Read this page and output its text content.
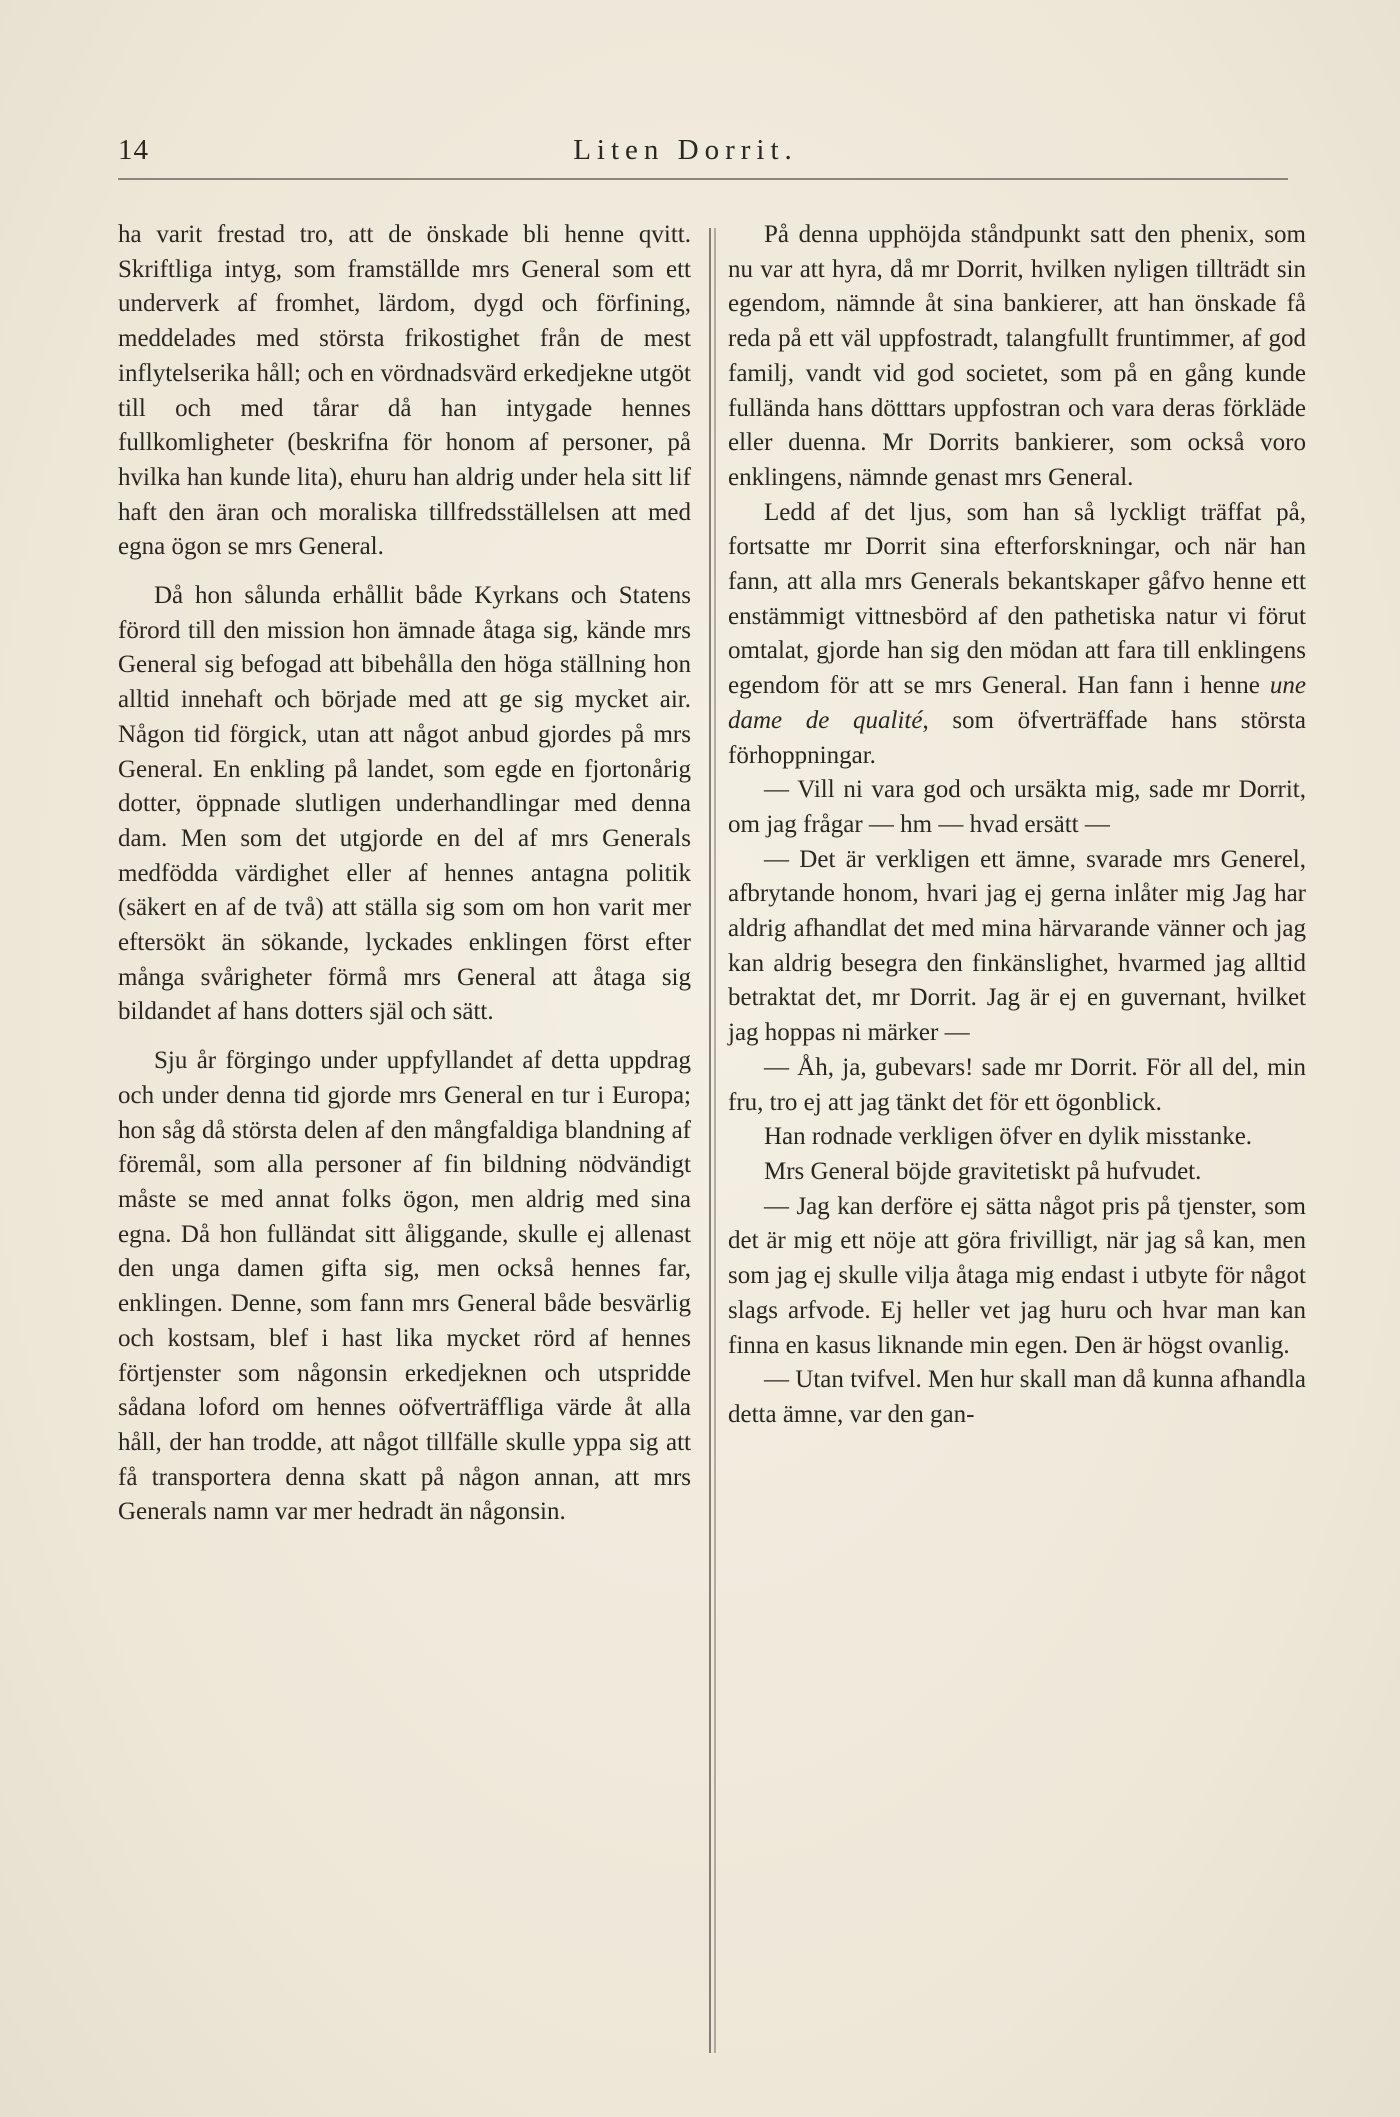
14	Liten Dorrit.

ha varit frestad tro, att de önskade bli henne qvitt. Skriftliga intyg, som framställde mrs General som ett underverk af fromhet, lärdom, dygd och förfining, meddelades med största frikostighet från de mest inflytelserika håll; och en vördnadsvärd erkedjekne utgöt till och med tårar då han intygade hennes fullkomligheter (beskrifna för honom af personer, på hvilka han kunde lita), ehuru han aldrig under hela sitt lif haft den äran och moraliska tillfredsställelsen att med egna ögon se mrs General.

Då hon sålunda erhållit både Kyrkans och Statens förord till den mission hon ämnade åtaga sig, kände mrs General sig befogad att bibehålla den höga ställning hon alltid innehaft och började med att ge sig mycket air. Någon tid förgick, utan att något anbud gjordes på mrs General. En enkling på landet, som egde en fjortonårig dotter, öppnade slutligen underhandlingar med denna dam. Men som det utgjorde en del af mrs Generals medfödda värdighet eller af hennes antagna politik (säkert en af de två) att ställa sig som om hon varit mer eftersökt än sökande, lyckades enklingen först efter många svårigheter förmå mrs General att åtaga sig bildandet af hans dotters själ och sätt.

Sju år förgingo under uppfyllandet af detta uppdrag och under denna tid gjorde mrs General en tur i Europa; hon såg då största delen af den mångfaldiga blandning af föremål, som alla personer af fin bildning nödvändigt måste se med annat folks ögon, men aldrig med sina egna. Då hon fulländat sitt åliggande, skulle ej allenast den unga damen gifta sig, men också hennes far, enklingen. Denne, som fann mrs General både besvärlig och kostsam, blef i hast lika mycket rörd af hennes förtjenster som någonsin erkedjeknen och utspridde sådana loford om hennes oöfverträffliga värde åt alla håll, der han trodde, att något tillfälle skulle yppa sig att få transportera denna skatt på någon annan, att mrs Generals namn var mer hedradt än någonsin.

På denna upphöjda ståndpunkt satt den phenix, som nu var att hyra, då mr Dorrit, hvilken nyligen tillträdt sin egendom, nämnde åt sina bankierer, att han önskade få reda på ett väl uppfostradt, talangfullt fruntimmer, af god familj, vandt vid god societet, som på en gång kunde fulländа hans dötttars uppfostran och vara deras förkläde eller duenna. Mr Dorrits bankierer, som också voro enklingens, nämnde genast mrs General.

Ledd af det ljus, som han så lyckligt träffat på, fortsatte mr Dorrit sina efterforskningar, och när han fann, att alla mrs Generals bekantskaper gåfvo henne ett enstämmigt vittnesbörd af den pathetiska natur vi förut omtalat, gjorde han sig den mödan att fara till enklingens egendom för att se mrs General. Han fann i henne une dame de qualité, som öfverträffade hans största förhoppningar.

— Vill ni vara god och ursäkta mig, sade mr Dorrit, om jag frågar — hm — hvad ersätt —

— Det är verkligen ett ämne, svarade mrs Generel, afbrytande honom, hvari jag ej gerna inlåter mig Jag har aldrig afhandlat det med mina härvarande vänner och jag kan aldrig besegra den finkänslighet, hvarmed jag alltid betraktat det, mr Dorrit. Jag är ej en guvernant, hvilket jag hoppas ni märker —

— Åh, ja, gubevars! sade mr Dorrit. För all del, min fru, tro ej att jag tänkt det för ett ögonblick.

Han rodnade verkligen öfver en dylik misstanke.

Mrs General böjde gravitetiskt på hufvudet.

— Jag kan derföre ej sätta något pris på tjenster, som det är mig ett nöje att göra frivilligt, när jag så kan, men som jag ej skulle vilja åtaga mig endast i utbyte för något slags arfvode. Ej heller vet jag huru och hvar man kan finna en kasus liknande min egen. Den är högst ovanlig.

— Utan tvifvel. Men hur skall man då kunna afhandla detta ämne, var den gan-
